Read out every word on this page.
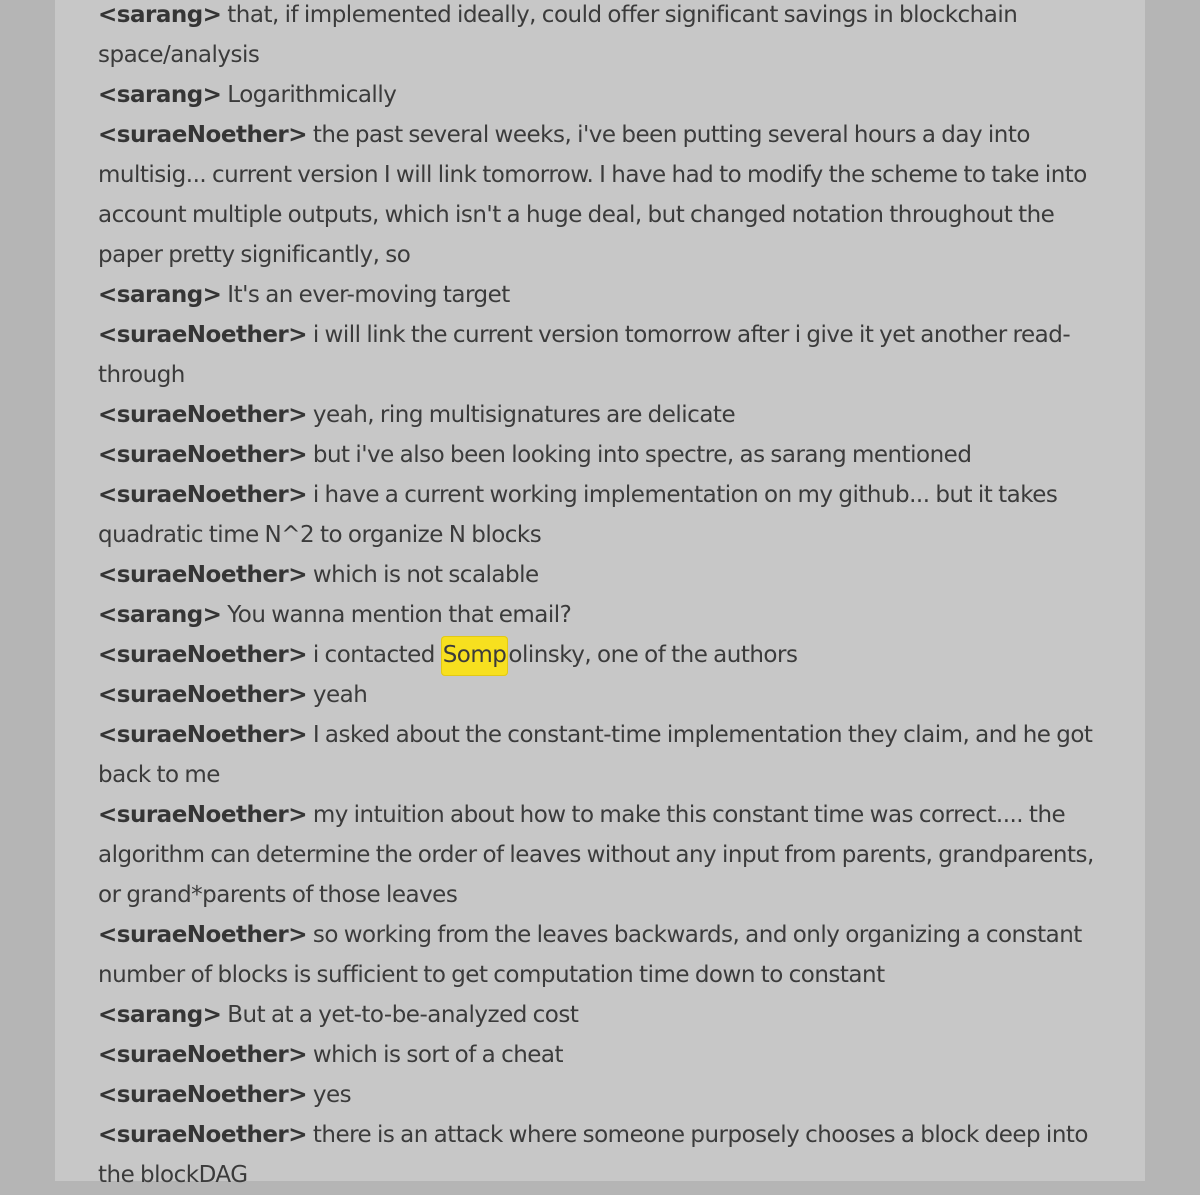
<sarang> that, if implemented ideally, could offer significant savings in blockchain space/analysis

<sarang> Logarithmically

<suraeNoether> the past several weeks, i've been putting several hours a day into multisig... current version I will link tomorrow. I have had to modify the scheme to take into account multiple outputs, which isn't a huge deal, but changed notation throughout the paper pretty significantly, so

<sarang> It's an ever-moving target

<suraeNoether> i will link the current version tomorrow after i give it yet another read-through

<suraeNoether> yeah, ring multisignatures are delicate

<suraeNoether> but i've also been looking into spectre, as sarang mentioned

<suraeNoether> i have a current working implementation on my github... but it takes quadratic time N^2 to organize N blocks

<suraeNoether> which is not scalable

<sarang> You wanna mention that email?

<suraeNoether> i contacted Sompolinsky, one of the authors

<suraeNoether> yeah

<suraeNoether> I asked about the constant-time implementation they claim, and he got back to me

<suraeNoether> my intuition about how to make this constant time was correct.... the algorithm can determine the order of leaves without any input from parents, grandparents, or grand*parents of those leaves

<suraeNoether> so working from the leaves backwards, and only organizing a constant number of blocks is sufficient to get computation time down to constant

<sarang> But at a yet-to-be-analyzed cost

<suraeNoether> which is sort of a cheat

<suraeNoether> yes

<suraeNoether> there is an attack where someone purposely chooses a block deep into the blockDAG
